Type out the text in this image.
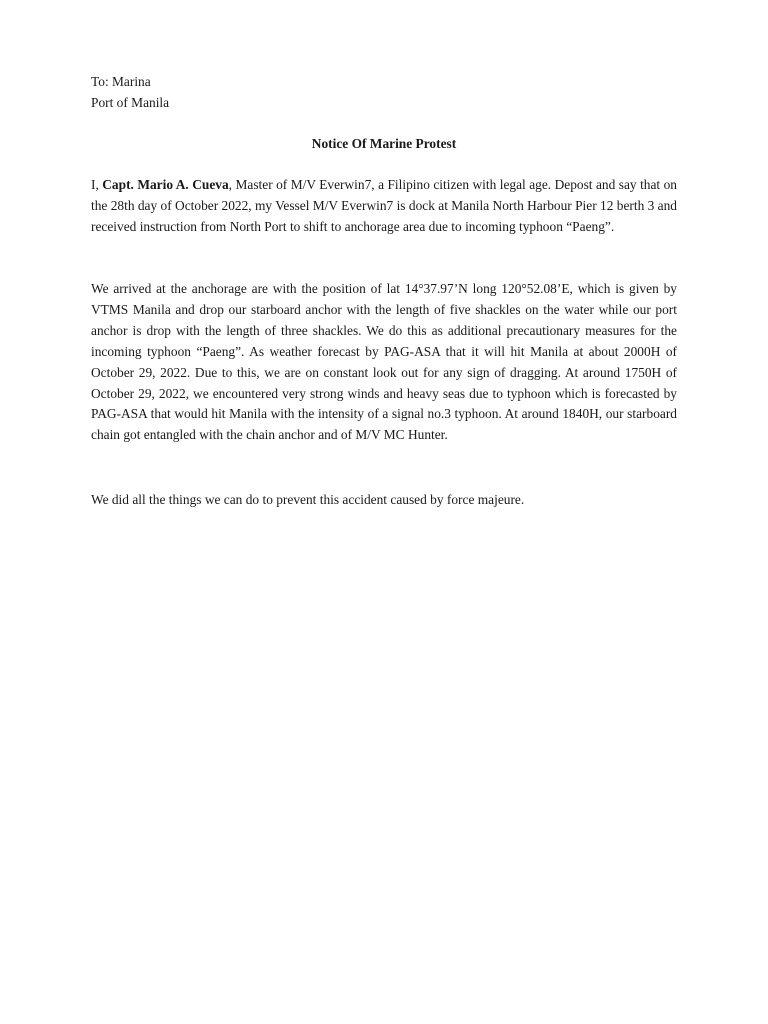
To: Marina
Port of Manila
Notice Of Marine Protest

I, Capt. Mario A. Cueva, Master of M/V Everwin7, a Filipino citizen with legal age. Depost and say that on the 28th day of October 2022, my Vessel M/V Everwin7 is dock at Manila North Harbour Pier 12 berth 3 and received instruction from North Port to shift to anchorage area due to incoming typhoon “Paeng”.

We arrived at the anchorage are with the position of lat 14°37.97’N long 120°52.08’E, which is given by VTMS Manila and drop our starboard anchor with the length of five shackles on the water while our port anchor is drop with the length of three shackles. We do this as additional precautionary measures for the incoming typhoon “Paeng”. As weather forecast by PAG-ASA that it will hit Manila at about 2000H of October 29, 2022. Due to this, we are on constant look out for any sign of dragging. At around 1750H of October 29, 2022, we encountered very strong winds and heavy seas due to typhoon which is forecasted by PAG-ASA that would hit Manila with the intensity of a signal no.3 typhoon. At around 1840H, our starboard chain got entangled with the chain anchor and of M/V MC Hunter.

We did all the things we can do to prevent this accident caused by force majeure.
